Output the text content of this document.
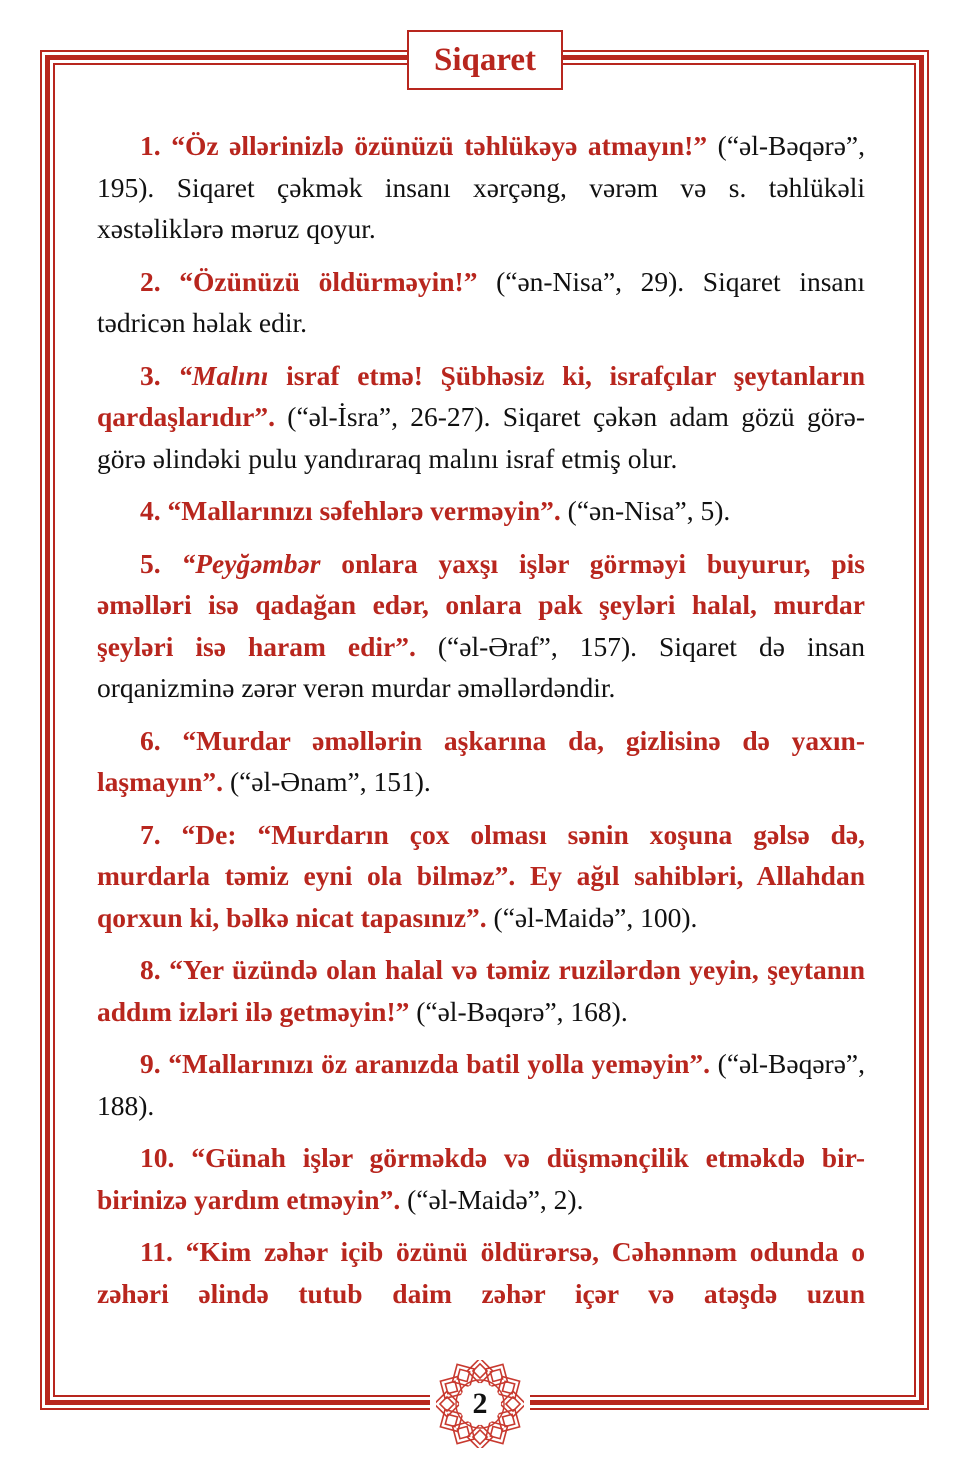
Siqaret

1. “Öz əllərinizlə özünüzü təhlükəyə atmayın!” (“əl-Bəqərə”, 195). Siqaret çəkmək insanı xərçəng, vərəm və s. təhlükəli xəstəliklərə məruz qoyur.

2. “Özünüzü öldürməyin!” (“ən-Nisa”, 29). Siqaret insanı tədricən həlak edir.

3. “Malını israf etmə! Şübhəsiz ki, israfçılar şeytanların qardaşlarıdır”. (“əl-İsra”, 26-27). Siqaret çəkən adam gözü görə-görə əlindəki pulu yandıraraq malını israf etmiş olur.

4. “Mallarınızı səfehlərə verməyin”. (“ən-Nisa”, 5).

5. “Peyğəmbər onlara yaxşı işlər görməyi buyurur, pis əməlləri isə qadağan edər, onlara pak şeyləri halal, murdar şeyləri isə haram edir”. (“əl-Əraf”, 157). Siqaret də insan orqanizminə zərər verən murdar əməllərdəndir.

6. “Murdar əməllərin aşkarına da, gizlisinə də yaxınlaşmayın”. (“əl-Ənam”, 151).

7. “De: “Murdarın çox olması sənin xoşuna gəlsə də, murdarla təmiz eyni ola bilməz”. Ey ağıl sahibləri, Allahdan qorxun ki, bəlkə nicat tapasınız”. (“əl-Maidə”, 100).

8. “Yer üzündə olan halal və təmiz ruzilərdən yeyin, şeytanın addım izləri ilə getməyin!” (“əl-Bəqərə”, 168).

9. “Mallarınızı öz aranızda batil yolla yeməyin”. (“əl-Bəqərə”, 188).

10. “Günah işlər görməkdə və düşmənçilik etməkdə bir-birinizə yardım etməyin”. (“əl-Maidə”, 2).

11. “Kim zəhər içib özünü öldürərsə, Cəhənnəm odunda o zəhəri əlində tutub daim zəhər içər və atəşdə uzun

2
